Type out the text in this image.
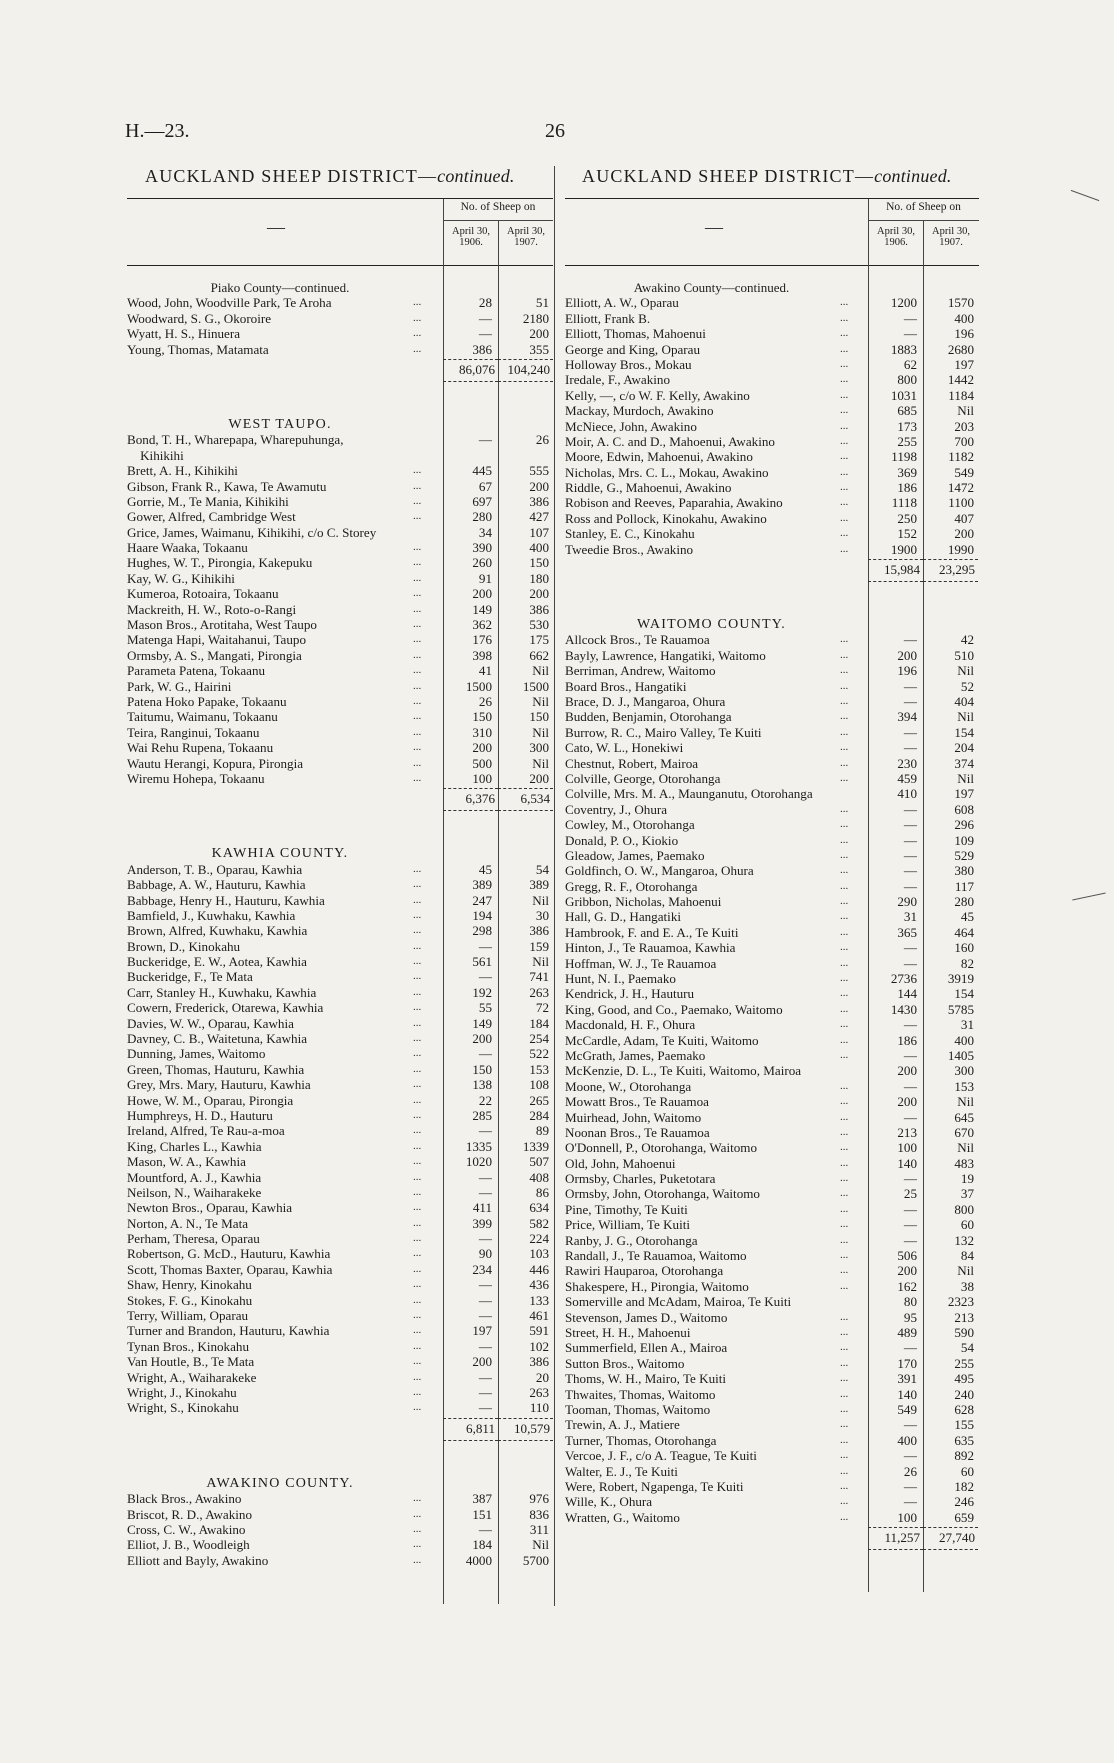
H.—23.	26
AUCKLAND SHEEP DISTRICT—continued.	AUCKLAND SHEEP DISTRICT—continued.
—
No. of Sheep on
April 30, 1906.
April 30, 1907.
Piako County—continued.
Wood, John, Woodville Park, Te Aroha	...	28	51
Woodward, S. G., Okoroire	...	—	2180
Wyatt, H. S., Hinuera	...	—	200
Young, Thomas, Matamata	...	386	355
86,076 104,240
WEST TAUPO.
Bond, T. H., Wharepapa, Wharepuhunga,	—	26
Kihikihi
Brett, A. H., Kihikihi	...	445	555
Gibson, Frank R., Kawa, Te Awamutu	...	67	200
Gorrie, M., Te Mania, Kihikihi	...	697	386
Gower, Alfred, Cambridge West	...	280	427
Grice, James, Waimanu, Kihikihi, c/o C. Storey	34	107
Haare Waaka, Tokaanu	...	390	400
Hughes, W. T., Pirongia, Kakepuku	...	260	150
Kay, W. G., Kihikihi	...	91	180
Kumeroa, Rotoaira, Tokaanu	...	200	200
Mackreith, H. W., Roto-o-Rangi	...	149	386
Mason Bros., Arotitaha, West Taupo	...	362	530
Matenga Hapi, Waitahanui, Taupo	...	176	175
Ormsby, A. S., Mangati, Pirongia	...	398	662
Parameta Patena, Tokaanu	...	41	Nil
Park, W. G., Hairini	...	1500	1500
Patena Hoko Papake, Tokaanu	...	26	Nil
Taitumu, Waimanu, Tokaanu	...	150	150
Teira, Ranginui, Tokaanu	...	310	Nil
Wai Rehu Rupena, Tokaanu	...	200	300
Wautu Herangi, Kopura, Pirongia	...	500	Nil
Wiremu Hohepa, Tokaanu	...	100	200
6,376	6,534
KAWHIA COUNTY.
Anderson, T. B., Oparau, Kawhia	...	45	54
Babbage, A. W., Hauturu, Kawhia	...	389	389
Babbage, Henry H., Hauturu, Kawhia	...	247	Nil
Bamfield, J., Kuwhaku, Kawhia	...	194	30
Brown, Alfred, Kuwhaku, Kawhia	...	298	386
Brown, D., Kinokahu	...	—	159
Buckeridge, E. W., Aotea, Kawhia	...	561	Nil
Buckeridge, F., Te Mata	...	—	741
Carr, Stanley H., Kuwhaku, Kawhia	...	192	263
Cowern, Frederick, Otarewa, Kawhia	...	55	72
Davies, W. W., Oparau, Kawhia	...	149	184
Davney, C. B., Waitetuna, Kawhia	...	200	254
Dunning, James, Waitomo	...	—	522
Green, Thomas, Hauturu, Kawhia	...	150	153
Grey, Mrs. Mary, Hauturu, Kawhia	...	138	108
Howe, W. M., Oparau, Pirongia	...	22	265
Humphreys, H. D., Hauturu	...	285	284
Ireland, Alfred, Te Rau-a-moa	...	—	89
King, Charles L., Kawhia	...	1335	1339
Mason, W. A., Kawhia	...	1020	507
Mountford, A. J., Kawhia	...	—	408
Neilson, N., Waiharakeke	...	—	86
Newton Bros., Oparau, Kawhia	...	411	634
Norton, A. N., Te Mata	...	399	582
Perham, Theresa, Oparau	...	—	224
Robertson, G. McD., Hauturu, Kawhia	...	90	103
Scott, Thomas Baxter, Oparau, Kawhia	...	234	446
Shaw, Henry, Kinokahu	...	—	436
Stokes, F. G., Kinokahu	...	—	133
Terry, William, Oparau	...	—	461
Turner and Brandon, Hauturu, Kawhia	...	197	591
Tynan Bros., Kinokahu	...	—	102
Van Houtle, B., Te Mata	...	200	386
Wright, A., Waiharakeke	...	—	20
Wright, J., Kinokahu	...	—	263
Wright, S., Kinokahu	...	—	110
6,811	10,579
AWAKINO COUNTY.
Black Bros., Awakino	...	387	976
Briscot, R. D., Awakino	...	151	836
Cross, C. W., Awakino	...	—	311
Elliot, J. B., Woodleigh	...	184	Nil
Elliott and Bayly, Awakino	...	4000	5700
—
No. of Sheep on
April 30, 1906.
April 30, 1907.
Awakino County—continued.
Elliott, A. W., Oparau	...	1200	1570
Elliott, Frank B.	...	—	400
Elliott, Thomas, Mahoenui	...	—	196
George and King, Oparau	...	1883	2680
Holloway Bros., Mokau	...	62	197
Iredale, F., Awakino	...	800	1442
Kelly, —, c/o W. F. Kelly, Awakino	...	1031	1184
Mackay, Murdoch, Awakino	...	685	Nil
McNiece, John, Awakino	...	173	203
Moir, A. C. and D., Mahoenui, Awakino	...	255	700
Moore, Edwin, Mahoenui, Awakino	...	1198	1182
Nicholas, Mrs. C. L., Mokau, Awakino	...	369	549
Riddle, G., Mahoenui, Awakino	...	186	1472
Robison and Reeves, Paparahia, Awakino	...	1118	1100
Ross and Pollock, Kinokahu, Awakino	...	250	407
Stanley, E. C., Kinokahu	...	152	200
Tweedie Bros., Awakino	...	1900	1990
15,984	23,295
WAITOMO COUNTY.
Allcock Bros., Te Rauamoa	...	—	42
Bayly, Lawrence, Hangatiki, Waitomo	...	200	510
Berriman, Andrew, Waitomo	...	196	Nil
Board Bros., Hangatiki	...	—	52
Brace, D. J., Mangaroa, Ohura	...	—	404
Budden, Benjamin, Otorohanga	...	394	Nil
Burrow, R. C., Mairo Valley, Te Kuiti	...	—	154
Cato, W. L., Honekiwi	...	—	204
Chestnut, Robert, Mairoa	...	230	374
Colville, George, Otorohanga	...	459	Nil
Colville, Mrs. M. A., Maunganutu, Otorohanga	410	197
Coventry, J., Ohura	...	—	608
Cowley, M., Otorohanga	...	—	296
Donald, P. O., Kiokio	...	—	109
Gleadow, James, Paemako	...	—	529
Goldfinch, O. W., Mangaroa, Ohura	...	—	380
Gregg, R. F., Otorohanga	...	—	117
Gribbon, Nicholas, Mahoenui	...	290	280
Hall, G. D., Hangatiki	...	31	45
Hambrook, F. and E. A., Te Kuiti	...	365	464
Hinton, J., Te Rauamoa, Kawhia	...	—	160
Hoffman, W. J., Te Rauamoa	...	—	82
Hunt, N. I., Paemako	...	2736	3919
Kendrick, J. H., Hauturu	...	144	154
King, Good, and Co., Paemako, Waitomo	...	1430	5785
Macdonald, H. F., Ohura	...	—	31
McCardle, Adam, Te Kuiti, Waitomo	...	186	400
McGrath, James, Paemako	...	—	1405
McKenzie, D. L., Te Kuiti, Waitomo, Mairoa	200	300
Moone, W., Otorohanga	...	—	153
Mowatt Bros., Te Rauamoa	...	200	Nil
Muirhead, John, Waitomo	...	—	645
Noonan Bros., Te Rauamoa	...	213	670
O'Donnell, P., Otorohanga, Waitomo	...	100	Nil
Old, John, Mahoenui	...	140	483
Ormsby, Charles, Puketotara	...	—	19
Ormsby, John, Otorohanga, Waitomo	...	25	37
Pine, Timothy, Te Kuiti	...	—	800
Price, William, Te Kuiti	...	—	60
Ranby, J. G., Otorohanga	...	—	132
Randall, J., Te Rauamoa, Waitomo	...	506	84
Rawiri Hauparoa, Otorohanga	...	200	Nil
Shakespere, H., Pirongia, Waitomo	...	162	38
Somerville and McAdam, Mairoa, Te Kuiti	80	2323
Stevenson, James D., Waitomo	...	95	213
Street, H. H., Mahoenui	...	489	590
Summerfield, Ellen A., Mairoa	...	—	54
Sutton Bros., Waitomo	...	170	255
Thoms, W. H., Mairo, Te Kuiti	...	391	495
Thwaites, Thomas, Waitomo	...	140	240
Tooman, Thomas, Waitomo	...	549	628
Trewin, A. J., Matiere	...	—	155
Turner, Thomas, Otorohanga	...	400	635
Vercoe, J. F., c/o A. Teague, Te Kuiti	...	—	892
Walter, E. J., Te Kuiti	...	26	60
Were, Robert, Ngapenga, Te Kuiti	...	—	182
Wille, K., Ohura	...	—	246
Wratten, G., Waitomo	...	100	659
11,257	27,740
